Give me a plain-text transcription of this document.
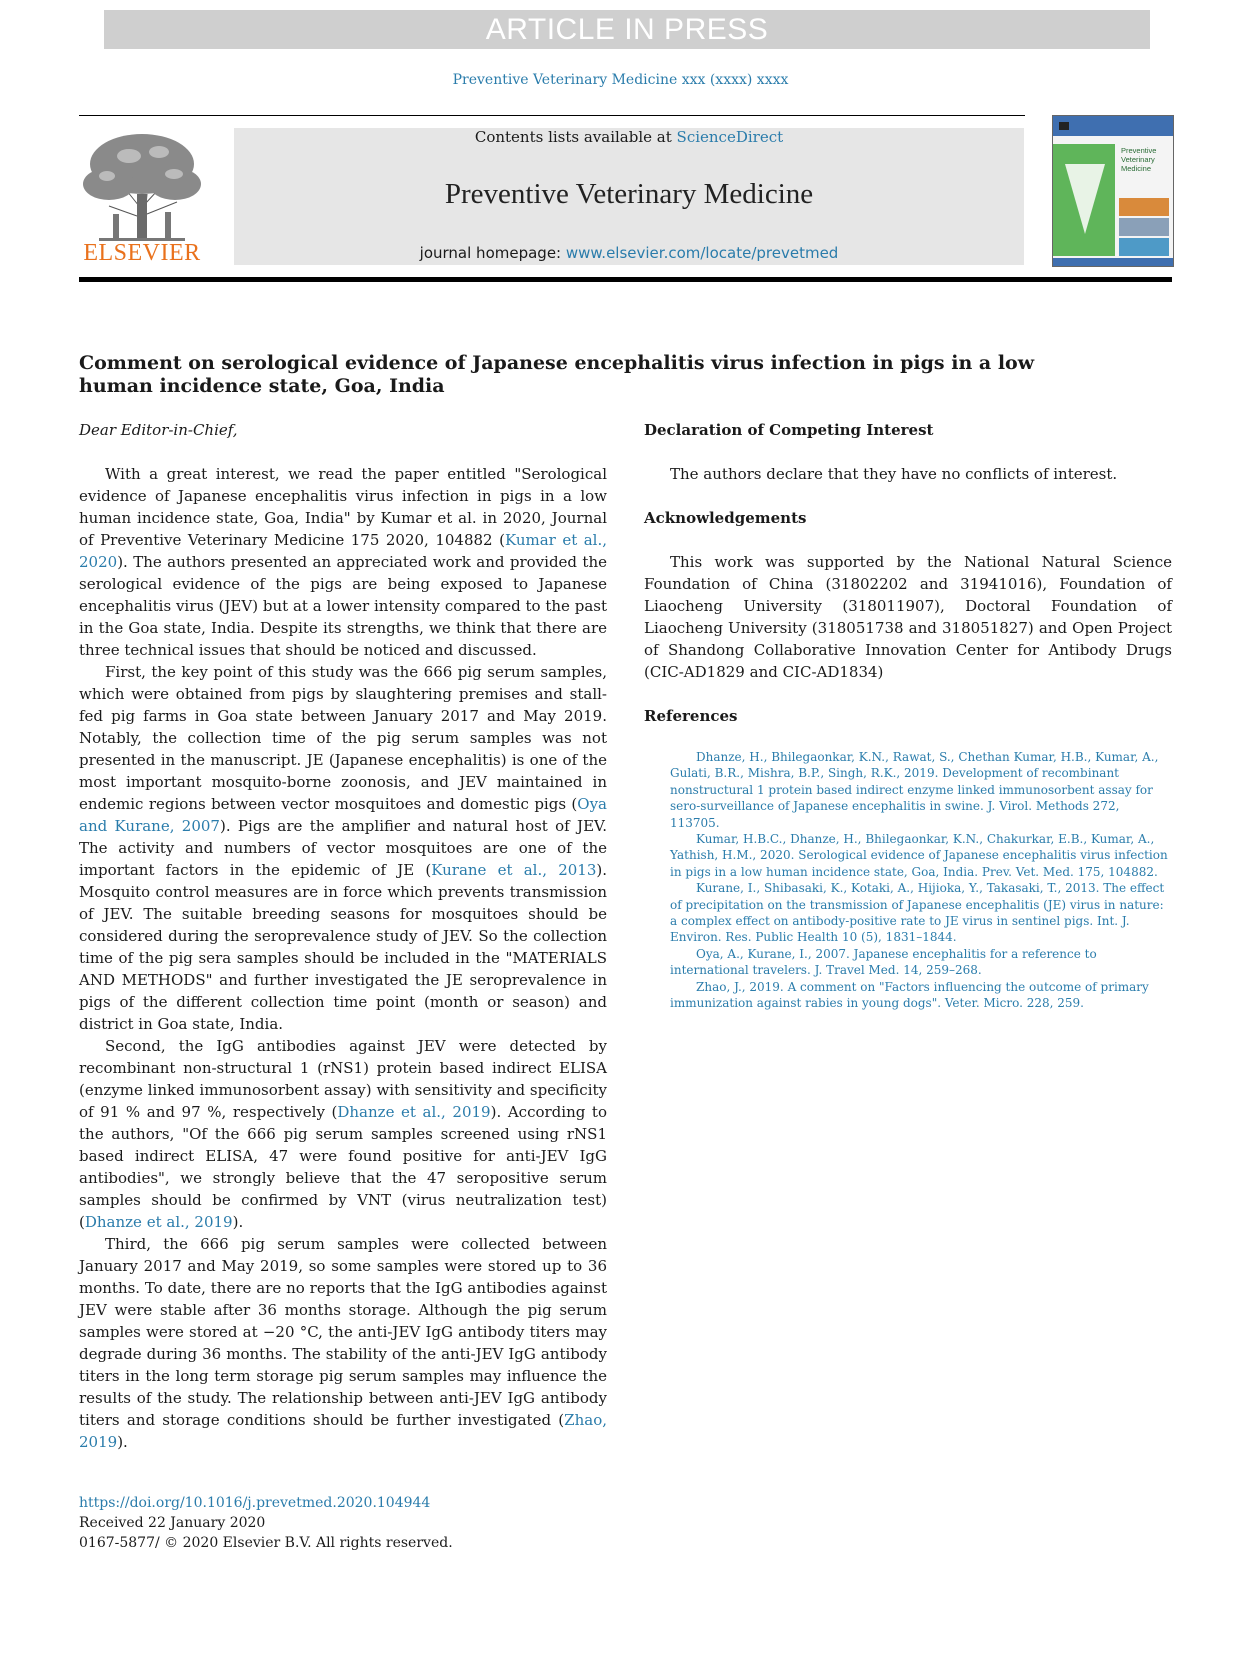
ARTICLE IN PRESS
Preventive Veterinary Medicine xxx (xxxx) xxxx
ELSEVIER
Contents lists available at ScienceDirect
Preventive Veterinary Medicine
journal homepage: www.elsevier.com/locate/prevetmed
Preventive Veterinary Medicine
Comment on serological evidence of Japanese encephalitis virus infection in pigs in a low human incidence state, Goa, India

Dear Editor-in-Chief,

With a great interest, we read the paper entitled "Serological evidence of Japanese encephalitis virus infection in pigs in a low human incidence state, Goa, India" by Kumar et al. in 2020, Journal of Preventive Veterinary Medicine 175 2020, 104882 (Kumar et al., 2020). The authors presented an appreciated work and provided the serological evidence of the pigs are being exposed to Japanese encephalitis virus (JEV) but at a lower intensity compared to the past in the Goa state, India. Despite its strengths, we think that there are three technical issues that should be noticed and discussed.

First, the key point of this study was the 666 pig serum samples, which were obtained from pigs by slaughtering premises and stall-fed pig farms in Goa state between January 2017 and May 2019. Notably, the collection time of the pig serum samples was not presented in the manuscript. JE (Japanese encephalitis) is one of the most important mosquito-borne zoonosis, and JEV maintained in endemic regions between vector mosquitoes and domestic pigs (Oya and Kurane, 2007). Pigs are the amplifier and natural host of JEV. The activity and numbers of vector mosquitoes are one of the important factors in the epidemic of JE (Kurane et al., 2013). Mosquito control measures are in force which prevents transmission of JEV. The suitable breeding seasons for mosquitoes should be considered during the seroprevalence study of JEV. So the collection time of the pig sera samples should be included in the "MATERIALS AND METHODS" and further investigated the JE seroprevalence in pigs of the different collection time point (month or season) and district in Goa state, India.

Second, the IgG antibodies against JEV were detected by recombinant non-structural 1 (rNS1) protein based indirect ELISA (enzyme linked immunosorbent assay) with sensitivity and specificity of 91 % and 97 %, respectively (Dhanze et al., 2019). According to the authors, "Of the 666 pig serum samples screened using rNS1 based indirect ELISA, 47 were found positive for anti-JEV IgG antibodies", we strongly believe that the 47 seropositive serum samples should be confirmed by VNT (virus neutralization test) (Dhanze et al., 2019).

Third, the 666 pig serum samples were collected between January 2017 and May 2019, so some samples were stored up to 36 months. To date, there are no reports that the IgG antibodies against JEV were stable after 36 months storage. Although the pig serum samples were stored at −20 °C, the anti-JEV IgG antibody titers may degrade during 36 months. The stability of the anti-JEV IgG antibody titers in the long term storage pig serum samples may influence the results of the study. The relationship between anti-JEV IgG antibody titers and storage conditions should be further investigated (Zhao, 2019).

Declaration of Competing Interest

The authors declare that they have no conflicts of interest.

Acknowledgements

This work was supported by the National Natural Science Foundation of China (31802202 and 31941016), Foundation of Liaocheng University (318011907), Doctoral Foundation of Liaocheng University (318051738 and 318051827) and Open Project of Shandong Collaborative Innovation Center for Antibody Drugs (CIC-AD1829 and CIC-AD1834)

References

Dhanze, H., Bhilegaonkar, K.N., Rawat, S., Chethan Kumar, H.B., Kumar, A., Gulati, B.R., Mishra, B.P., Singh, R.K., 2019. Development of recombinant nonstructural 1 protein based indirect enzyme linked immunosorbent assay for sero-surveillance of Japanese encephalitis in swine. J. Virol. Methods 272, 113705.

Kumar, H.B.C., Dhanze, H., Bhilegaonkar, K.N., Chakurkar, E.B., Kumar, A., Yathish, H.M., 2020. Serological evidence of Japanese encephalitis virus infection in pigs in a low human incidence state, Goa, India. Prev. Vet. Med. 175, 104882.

Kurane, I., Shibasaki, K., Kotaki, A., Hijioka, Y., Takasaki, T., 2013. The effect of precipitation on the transmission of Japanese encephalitis (JE) virus in nature: a complex effect on antibody-positive rate to JE virus in sentinel pigs. Int. J. Environ. Res. Public Health 10 (5), 1831–1844.

Oya, A., Kurane, I., 2007. Japanese encephalitis for a reference to international travelers. J. Travel Med. 14, 259–268.

Zhao, J., 2019. A comment on "Factors influencing the outcome of primary immunization against rabies in young dogs". Veter. Micro. 228, 259.

https://doi.org/10.1016/j.prevetmed.2020.104944
Received 22 January 2020
0167-5877/ © 2020 Elsevier B.V. All rights reserved.
